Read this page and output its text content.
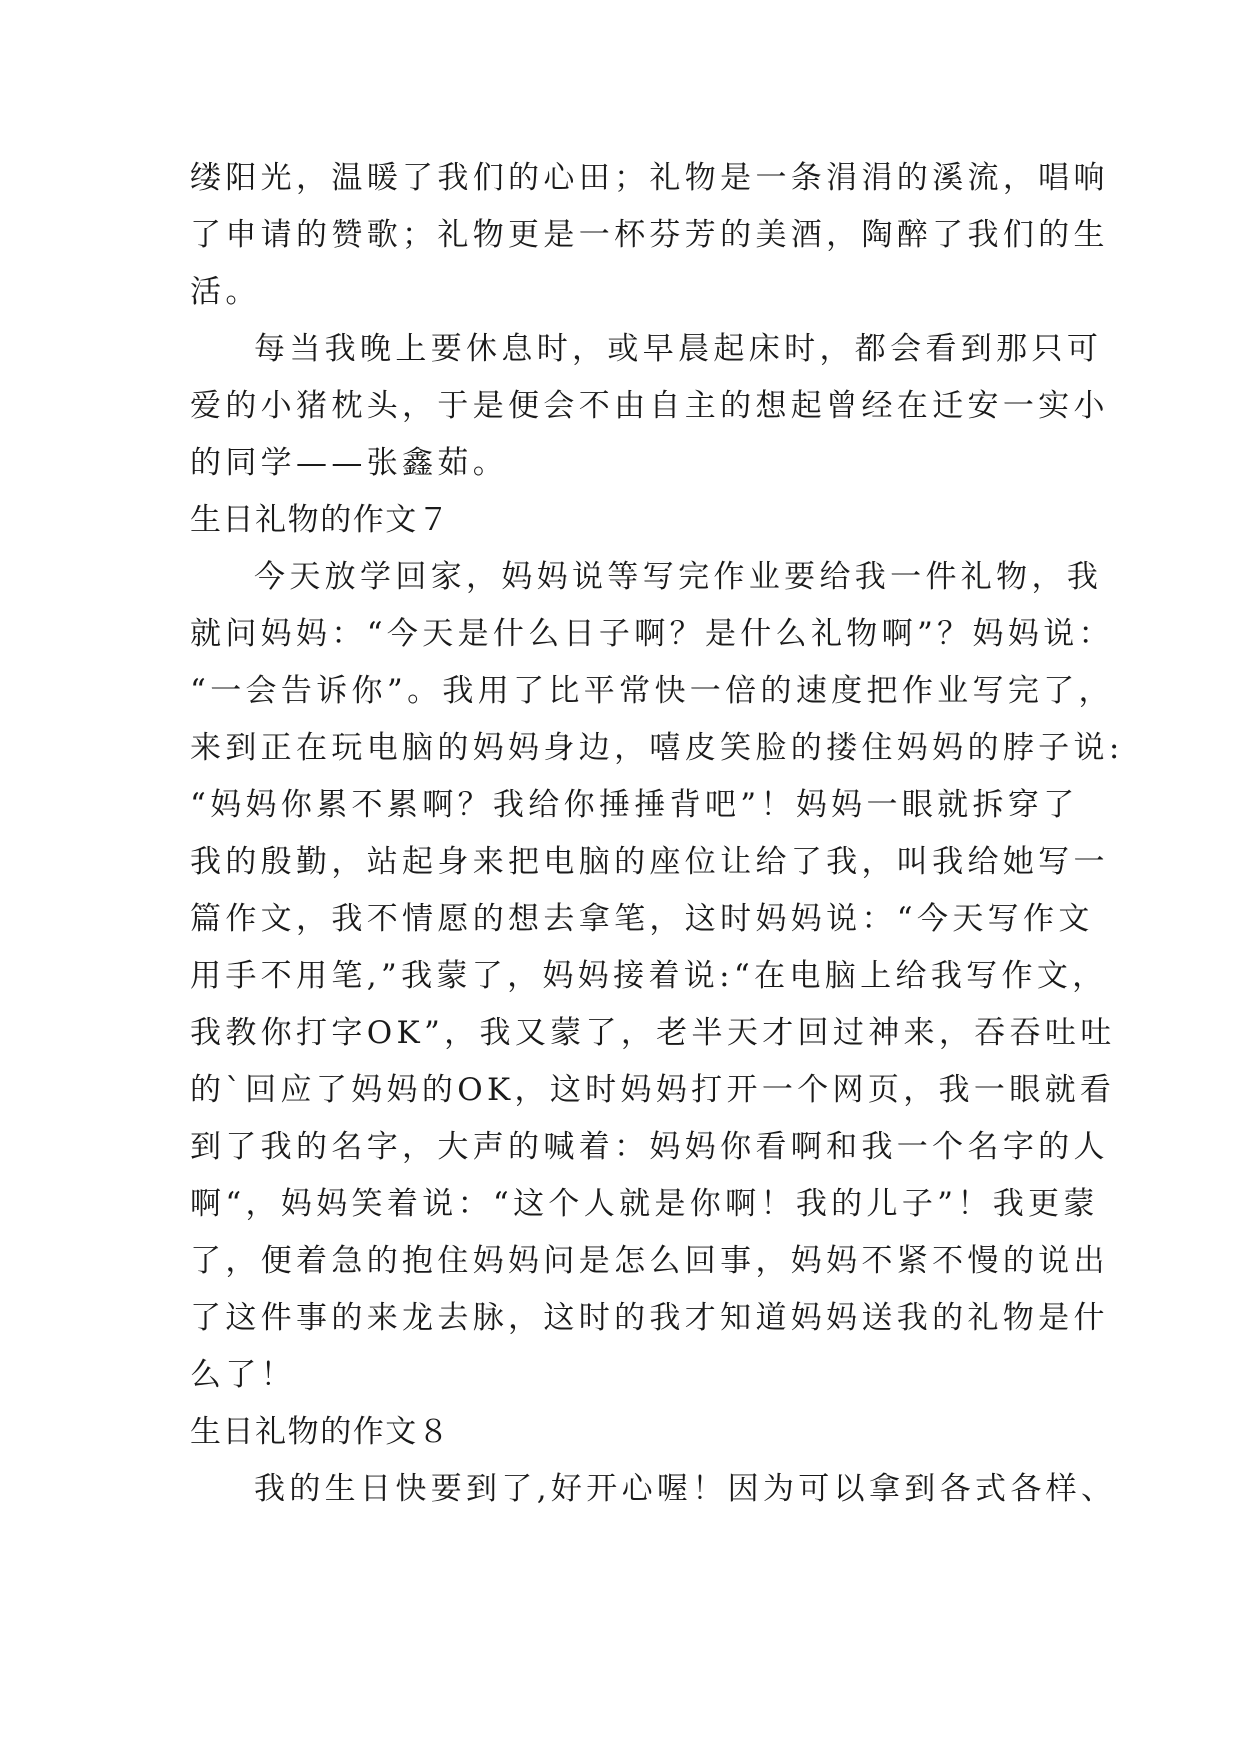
缕阳光，温暖了我们的心田；礼物是一条涓涓的溪流，唱响
了申请的赞歌；礼物更是一杯芬芳的美酒，陶醉了我们的生
活。
每当我晚上要休息时，或早晨起床时，都会看到那只可
爱的小猪枕头，于是便会不由自主的想起曾经在迁安一实小
的同学——张鑫茹。
生日礼物的作文７
今天放学回家，妈妈说等写完作业要给我一件礼物，我
就问妈妈：“今天是什么日子啊？是什么礼物啊”？妈妈说：
“一会告诉你”。我用了比平常快一倍的速度把作业写完了，
来到正在玩电脑的妈妈身边，嘻皮笑脸的搂住妈妈的脖子说:
“妈妈你累不累啊？我给你捶捶背吧”！妈妈一眼就拆穿了
我的殷勤，站起身来把电脑的座位让给了我，叫我给她写一
篇作文，我不情愿的想去拿笔，这时妈妈说：“今天写作文
用手不用笔,”我蒙了，妈妈接着说:“在电脑上给我写作文，
我教你打字OK”，我又蒙了，老半天才回过神来，吞吞吐吐
的`回应了妈妈的OK，这时妈妈打开一个网页，我一眼就看
到了我的名字，大声的喊着：妈妈你看啊和我一个名字的人
啊“，妈妈笑着说：“这个人就是你啊！我的儿子”！我更蒙
了，便着急的抱住妈妈问是怎么回事，妈妈不紧不慢的说出
了这件事的来龙去脉，这时的我才知道妈妈送我的礼物是什
么了！
生日礼物的作文８
我的生日快要到了,好开心喔！因为可以拿到各式各样、
